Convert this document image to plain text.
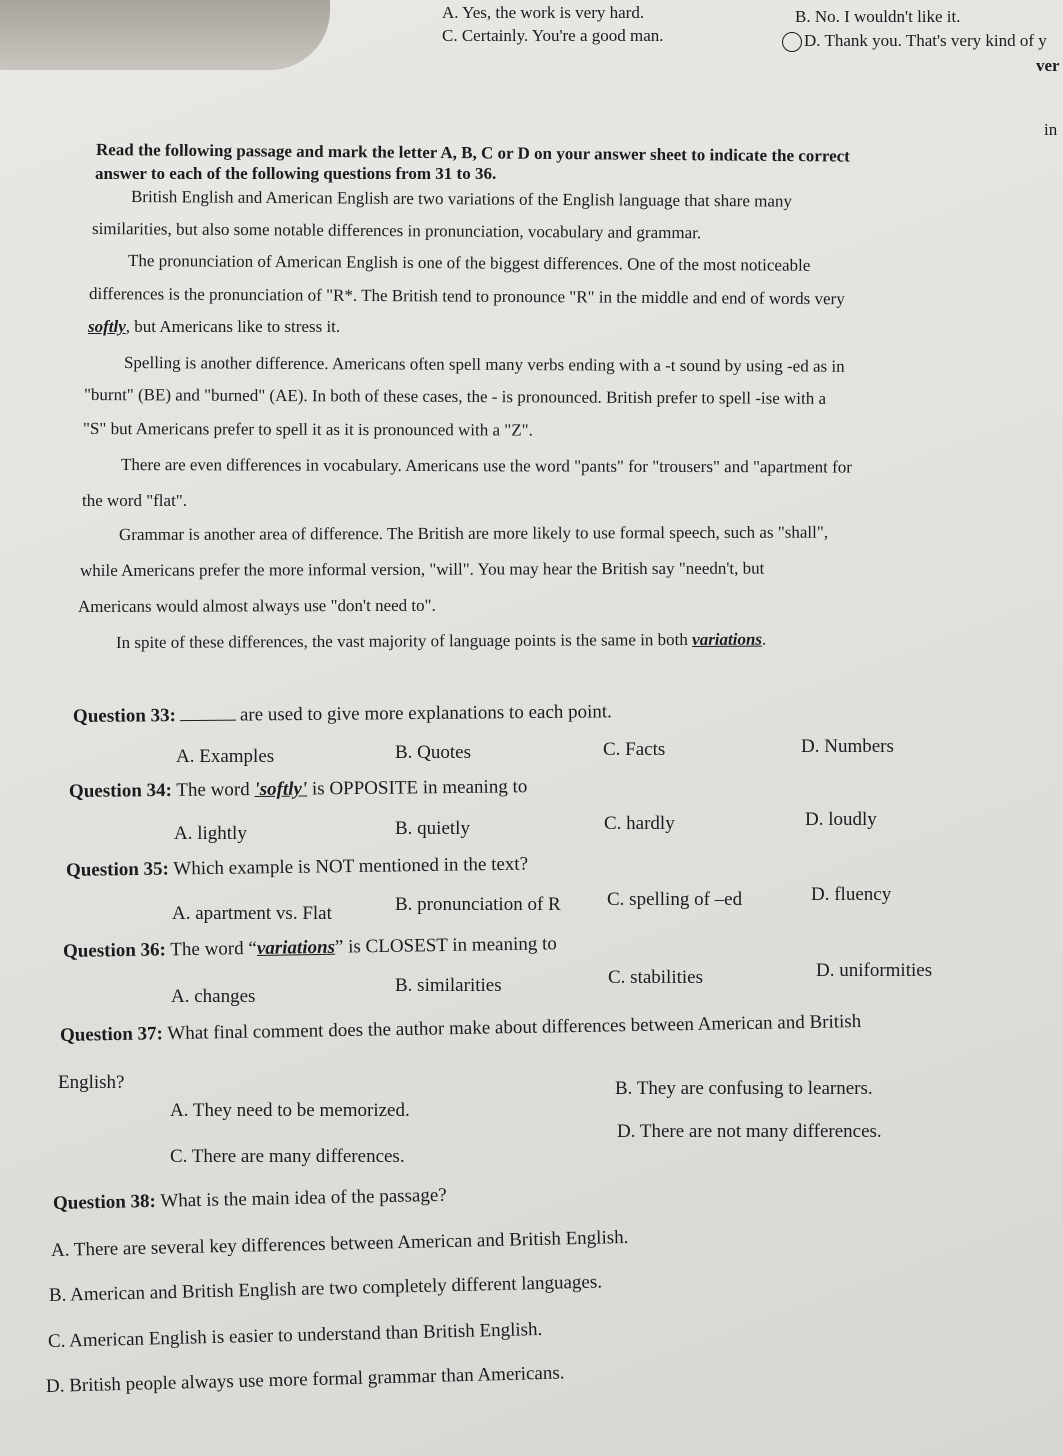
A. Yes, the work is very hard.	B. No. I wouldn't like it.
C. Certainly. You're a good man.	D. Thank you. That's very kind of y
ver
in
Read the following passage and mark the letter A, B, C or D on your answer sheet to indicate the correct
answer to each of the following questions from 31 to 36.
British English and American English are two variations of the English language that share many
similarities, but also some notable differences in pronunciation, vocabulary and grammar.
The pronunciation of American English is one of the biggest differences. One of the most noticeable
differences is the pronunciation of "R*. The British tend to pronounce "R" in the middle and end of words very
softly, but Americans like to stress it.
Spelling is another difference. Americans often spell many verbs ending with a -t sound by using -ed as in
"burnt" (BE) and "burned" (AE). In both of these cases, the - is pronounced. British prefer to spell -ise with a
"S" but Americans prefer to spell it as it is pronounced with a "Z".
There are even differences in vocabulary. Americans use the word "pants" for "trousers" and "apartment for
the word "flat".
Grammar is another area of difference. The British are more likely to use formal speech, such as "shall",
while Americans prefer the more informal version, "will". You may hear the British say "needn't, but
Americans would almost always use "don't need to".
In spite of these differences, the vast majority of language points is the same in both variations.
Question 33:	are used to give more explanations to each point.
A. Examples	B. Quotes	C. Facts	D. Numbers
Question 34: The word 'softly' is OPPOSITE in meaning to
A. lightly	B. quietly	C. hardly	D. loudly
Question 35: Which example is NOT mentioned in the text?
A. apartment vs. Flat	B. pronunciation of R C. spelling of –ed	D. fluency
Question 36: The word “variations” is CLOSEST in meaning to
A. changes
B. similarities	C. stabilities	D. uniformities
Question 37: What final comment does the author make about differences between American and British
English?
A. They need to be memorized.
B. They are confusing to learners.
C. There are many differences.
D. There are not many differences.
Question 38: What is the main idea of the passage?
A. There are several key differences between American and British English.
B. American and British English are two completely different languages.
C. American English is easier to understand than British English.
D. British people always use more formal grammar than Americans.
